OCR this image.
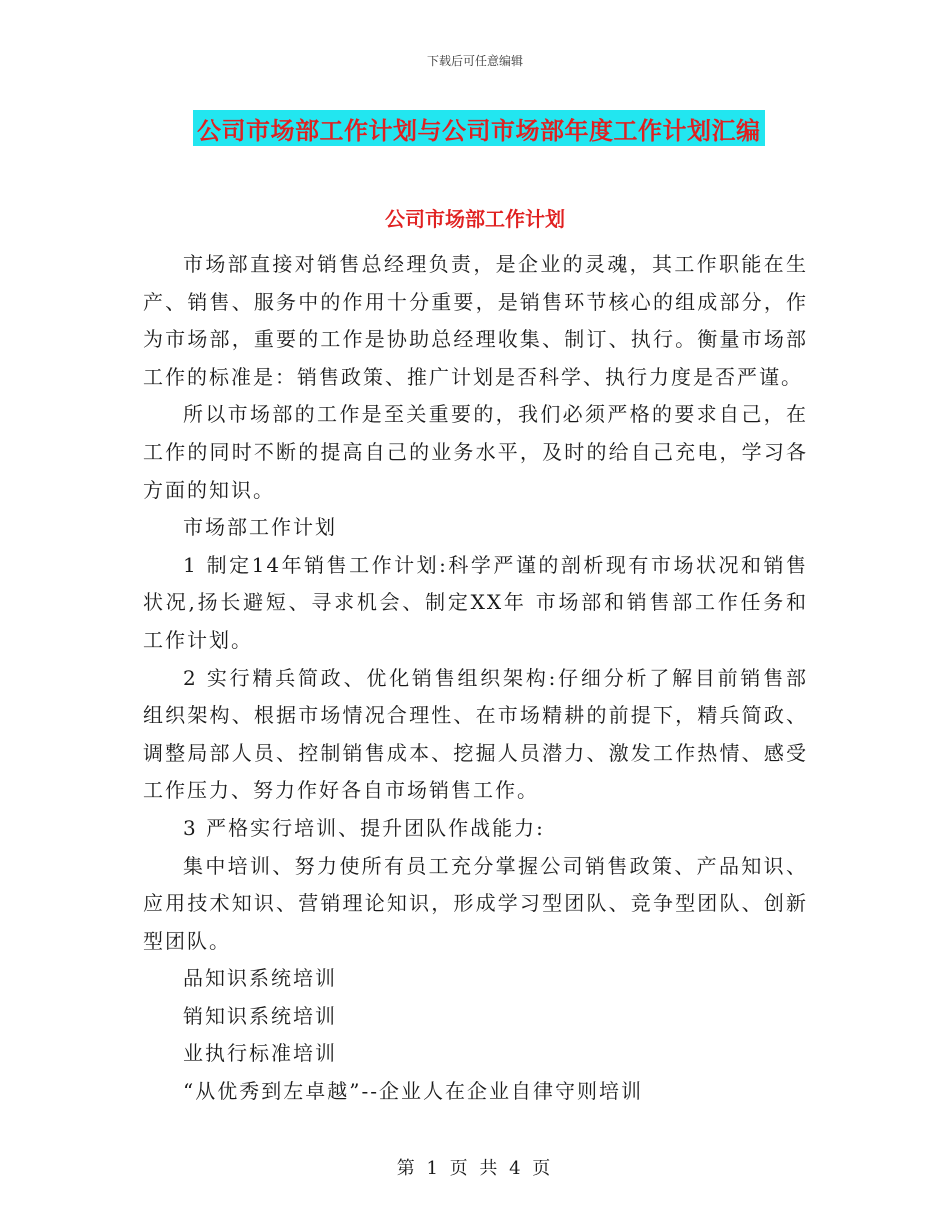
下载后可任意编辑
公司市场部工作计划与公司市场部年度工作计划汇编
公司市场部工作计划

市场部直接对销售总经理负责，是企业的灵魂，其工作职能在生产、销售、服务中的作用十分重要，是销售环节核心的组成部分，作为市场部，重要的工作是协助总经理收集、制订、执行。衡量市场部工作的标准是：销售政策、推广计划是否科学、执行力度是否严谨。

所以市场部的工作是至关重要的，我们必须严格的要求自己，在工作的同时不断的提高自己的业务水平，及时的给自己充电，学习各方面的知识。

市场部工作计划

1 制定14年销售工作计划:科学严谨的剖析现有市场状况和销售状况,扬长避短、寻求机会、制定XX年 市场部和销售部工作任务和工作计划。

2 实行精兵简政、优化销售组织架构:仔细分析了解目前销售部组织架构、根据市场情况合理性、在市场精耕的前提下，精兵简政、调整局部人员、控制销售成本、挖掘人员潜力、激发工作热情、感受工作压力、努力作好各自市场销售工作。

3 严格实行培训、提升团队作战能力:

集中培训、努力使所有员工充分掌握公司销售政策、产品知识、应用技术知识、营销理论知识，形成学习型团队、竞争型团队、创新型团队。

品知识系统培训

销知识系统培训

业执行标准培训

“从优秀到左卓越”--企业人在企业自律守则培训

第 1 页 共 4 页
